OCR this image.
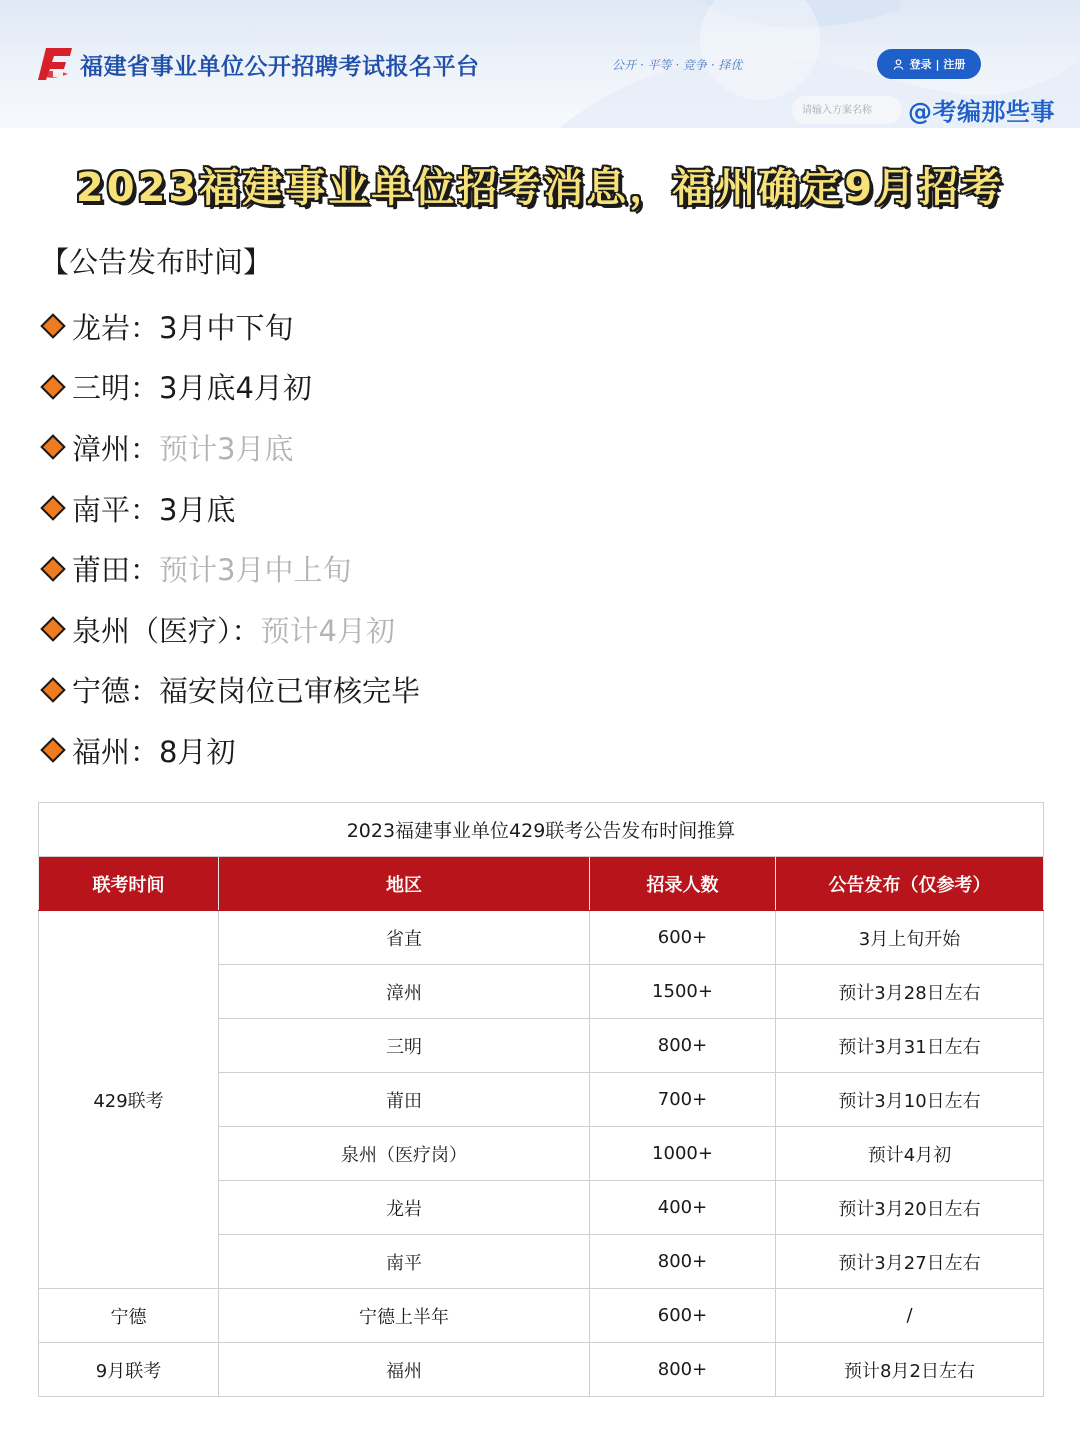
福建省事业单位公开招聘考试报名平台	公开 · 平等 · 竞争 · 择优	登录 | 注册
请输入方案名称
@考编那些事
2023福建事业单位招考消息，福州确定9月招考
【公告发布时间】
龙岩： 3月中下旬
三明： 3月底4月初
漳州： 预计3月底
南平： 3月底
莆田： 预计3月中上旬
泉州（医疗）： 预计4月初
宁德： 福安岗位已审核完毕
福州： 8月初
2023福建事业单位429联考公告发布时间推算			
联考时间	地区	招录人数	公告发布（仅参考）
429联考	省直	600+	3月上旬开始
	漳州	1500+	预计3月28日左右
	三明	800+	预计3月31日左右
	莆田	700+	预计3月10日左右
	泉州（医疗岗）	1000+	预计4月初
	龙岩	400+	预计3月20日左右
	南平	800+	预计3月27日左右
宁德	宁德上半年	600+	/
9月联考	福州	800+	预计8月2日左右
